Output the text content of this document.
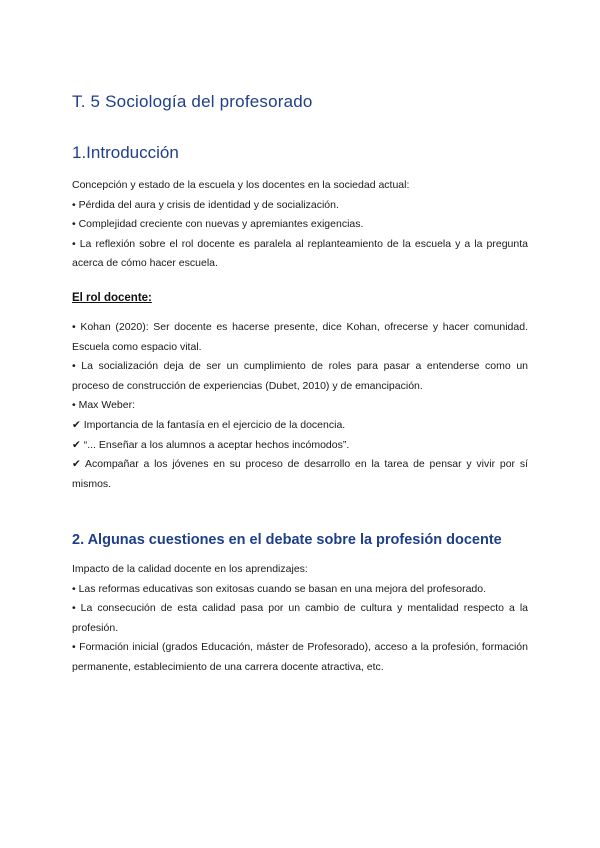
T. 5 Sociología del profesorado
1.Introducción

Concepción y estado de la escuela y los docentes en la sociedad actual:

• Pérdida del aura y crisis de identidad y de socialización.

• Complejidad creciente con nuevas y apremiantes exigencias.

• La reflexión sobre el rol docente es paralela al replanteamiento de la escuela y a la pregunta acerca de cómo hacer escuela.

El rol docente:

• Kohan (2020): Ser docente es hacerse presente, dice Kohan, ofrecerse y hacer comunidad. Escuela como espacio vital.

• La socialización deja de ser un cumplimiento de roles para pasar a entenderse como un proceso de construcción de experiencias (Dubet, 2010) y de emancipación.

• Max Weber:

✔ Importancia de la fantasía en el ejercicio de la docencia.

✔ “... Enseñar a los alumnos a aceptar hechos incómodos”.

✔ Acompañar a los jóvenes en su proceso de desarrollo en la tarea de pensar y vivir por sí mismos.

2. Algunas cuestiones en el debate sobre la profesión docente

Impacto de la calidad docente en los aprendizajes:

• Las reformas educativas son exitosas cuando se basan en una mejora del profesorado.

• La consecución de esta calidad pasa por un cambio de cultura y mentalidad respecto a la profesión.

• Formación inicial (grados Educación, máster de Profesorado), acceso a la profesión, formación permanente, establecimiento de una carrera docente atractiva, etc.
